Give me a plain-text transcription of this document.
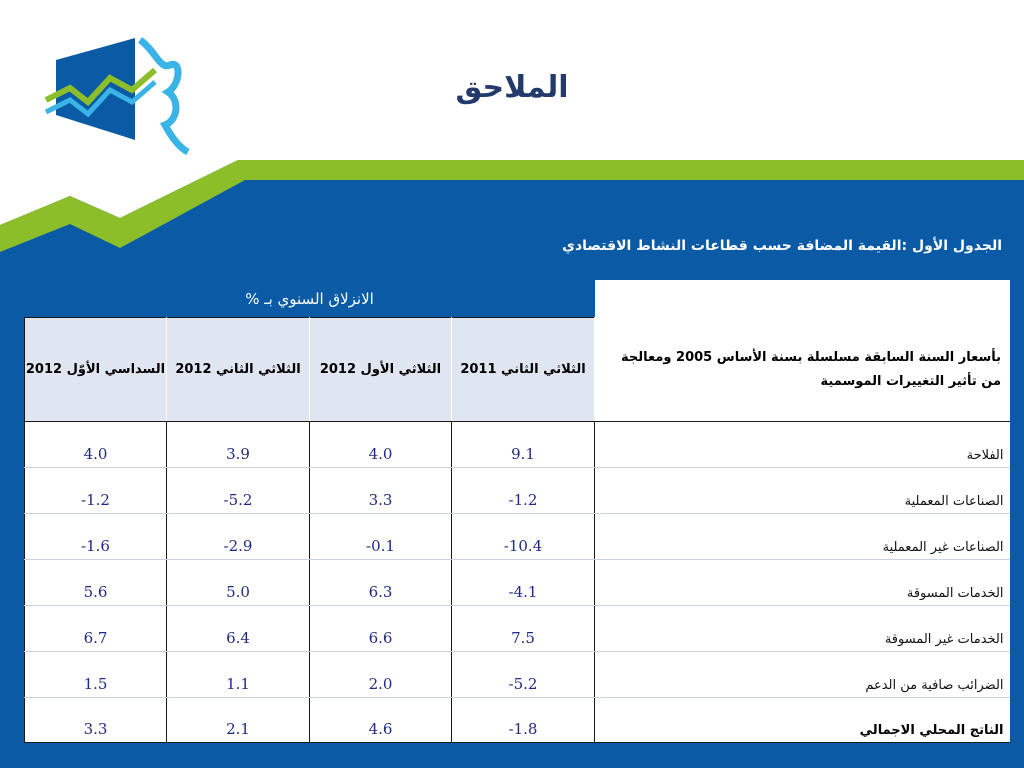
الملاحق
الجدول الأول :القيمة المضافة حسب قطاعات النشاط الاقتصادي
الانزلاق السنوي بـ %				
السداسي الأوّل 2012	الثلاثي الثاني 2012	الثلاثي الأول 2012	الثلاثي الثاني 2011	بأسعار السنة السابقة مسلسلة بسنة الأساس 2005 ومعالجة من تأثير التغييرات الموسمية
4.0	3.9	4.0	9.1	الفلاحة
-1.2	-5.2	3.3	-1.2	الصناعات المعملية
-1.6	-2.9	-0.1	-10.4	الصناعات غير المعملية
5.6	5.0	6.3	-4.1	الخدمات المسوقة
6.7	6.4	6.6	7.5	الخدمات غير المسوقة
1.5	1.1	2.0	-5.2	الضرائب صافية من الدعم
3.3	2.1	4.6	-1.8	الناتج المحلي الاجمالي
